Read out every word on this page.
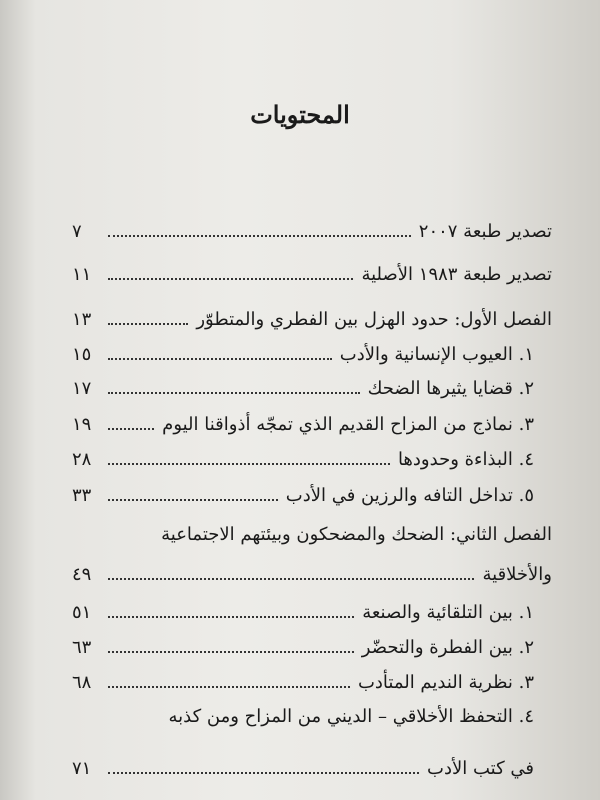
المحتويات
تصدير طبعة ٢٠٠٧
٧
تصدير طبعة ١٩٨٣ الأصلية
١١
الفصل الأول: حدود الهزل بين الفطري والمتطوّر
١٣
١. العيوب الإنسانية والأدب
١٥
٢. قضايا يثيرها الضحك
١٧
٣. نماذج من المزاح القديم الذي تمجّه أذواقنا اليوم
١٩
٤. البذاءة وحدودها
٢٨
٥. تداخل التافه والرزين في الأدب
٣٣
الفصل الثاني: الضحك والمضحكون وبيئتهم الاجتماعية
والأخلاقية
٤٩
١. بين التلقائية والصنعة
٥١
٢. بين الفطرة والتحضّر
٦٣
٣. نظرية النديم المتأدب
٦٨
٤. التحفظ الأخلاقي – الديني من المزاح ومن كذبه
في كتب الأدب
٧١
